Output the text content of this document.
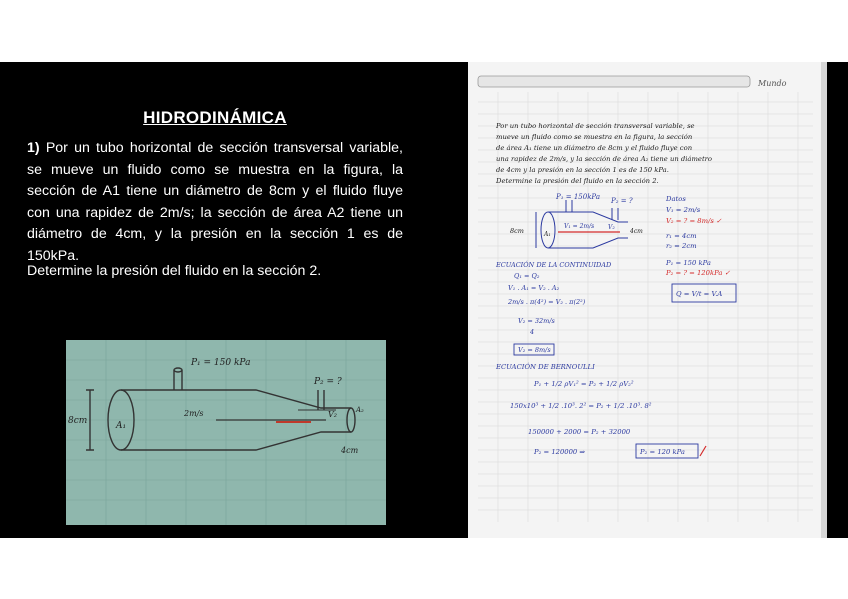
HIDRODINÁMICA
1) Por un tubo horizontal de sección transversal variable, se mueve un fluido como se muestra en la figura, la sección de A1 tiene un diámetro de 8cm y el fluido fluye con una rapidez de 2m/s; la sección de área A2 tiene un diámetro de 4cm, y la presión en la sección 1 es de 150kPa.
Determine la presión del fluido en la sección 2.
P₁ = 150 kPa
P₂ = ?
8cm	A₁
2m/s	V₂	A₂
4cm
Mundo
Por un tubo horizontal de sección transversal variable, se
mueve un fluido como se muestra en la figura, la sección
de área A₁ tiene un diámetro de 8cm y el fluido fluye con
una rapidez de 2m/s, y la sección de área A₂ tiene un diámetro
de 4cm y la presión en la sección 1 es de 150 kPa.
Determine la presión del fluido en la sección 2.
P₁ = 150kPa P₂ = ?
8cm	A₁
V₁ = 2m/s V₂
4cm
Datos
V₁ = 2m/s
V₂ = ? = 8m/s ✓
r₁ = 4cm
r₂ = 2cm
P₁ = 150 kPa
P₂ = ? = 120kPa ✓
ECUACIÓN DE LA CONTINUIDAD
Q₁ = Q₂
V₁ . A₁ = V₂ . A₂
2m/s . π(4²) = V₂ . π(2²)
V₂ = 32m/s
4
V₂ = 8m/s
Q = V/t = V.A
ECUACIÓN DE BERNOULLI
P₁ + 1/2 ρV₁² = P₂ + 1/2 ρV₂²
150x10³ + 1/2 .10³. 2² = P₂ + 1/2 .10³. 8²
150000 + 2000 = P₂ + 32000
P₂ = 120000 ⇒	P₂ = 120 kPa
